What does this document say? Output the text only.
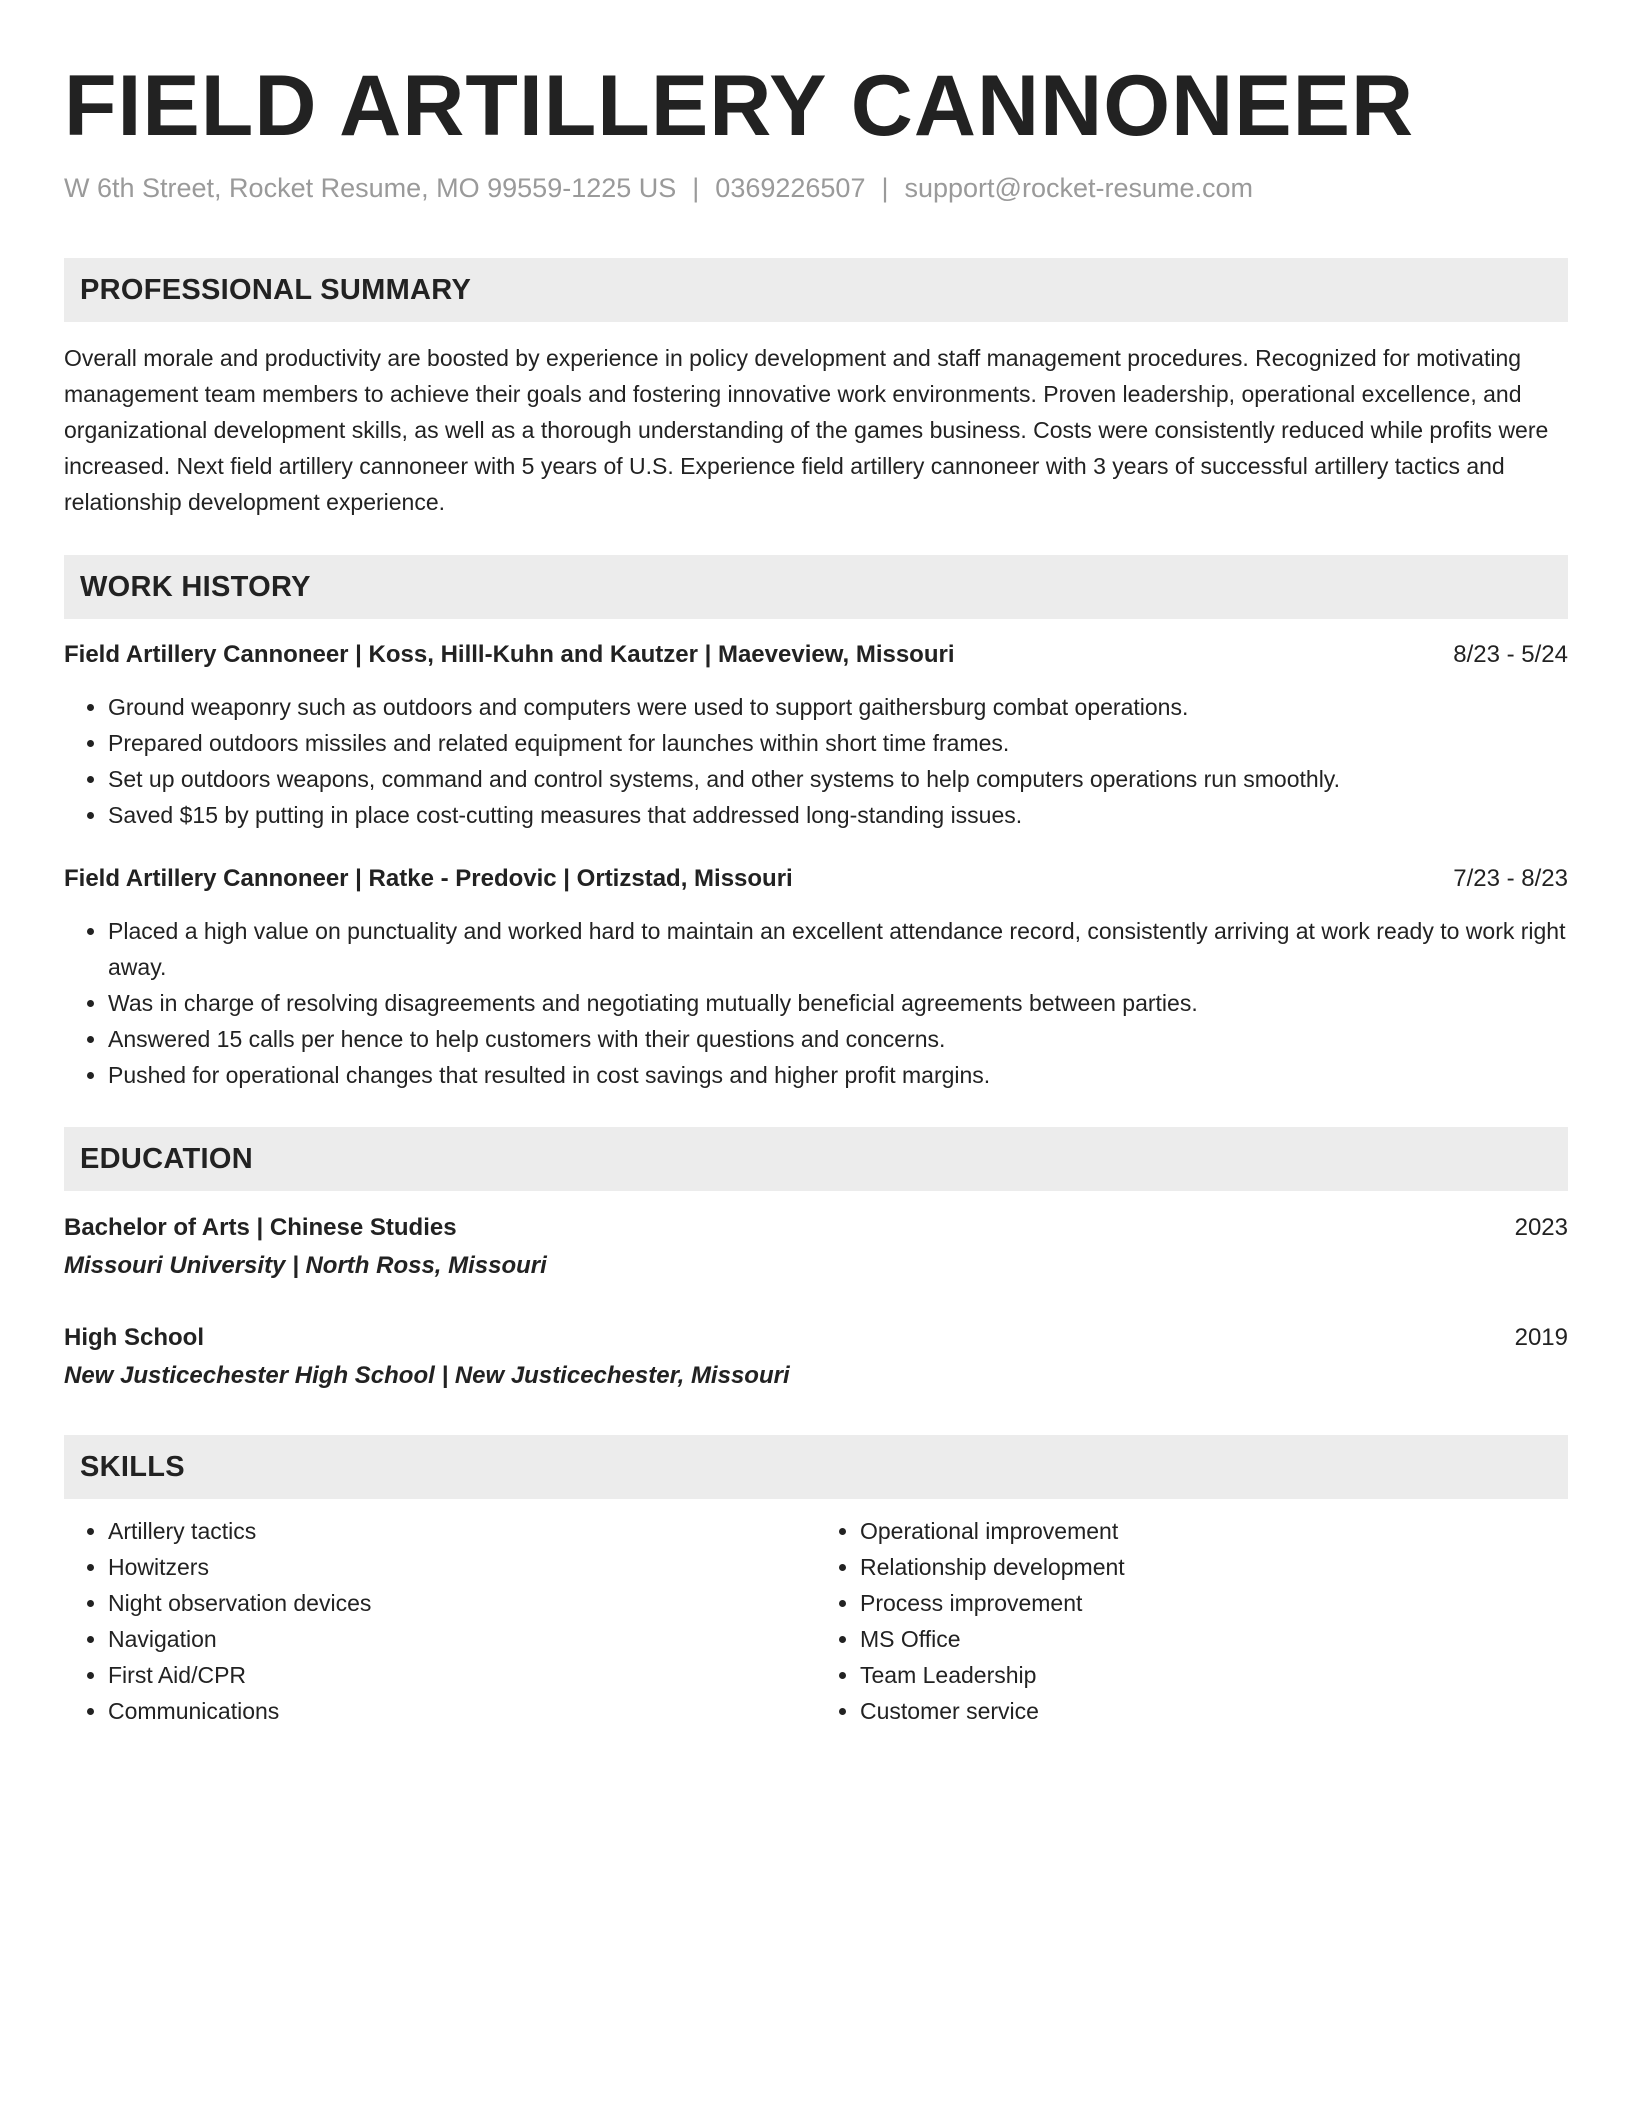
FIELD ARTILLERY CANNONEER
W 6th Street, Rocket Resume, MO 99559-1225 US | 0369226507 | support@rocket-resume.com
PROFESSIONAL SUMMARY
Overall morale and productivity are boosted by experience in policy development and staff management procedures. Recognized for motivating management team members to achieve their goals and fostering innovative work environments. Proven leadership, operational excellence, and organizational development skills, as well as a thorough understanding of the games business. Costs were consistently reduced while profits were increased. Next field artillery cannoneer with 5 years of U.S. Experience field artillery cannoneer with 3 years of successful artillery tactics and relationship development experience.
WORK HISTORY
Field Artillery Cannoneer | Koss, Hilll-Kuhn and Kautzer | Maeveview, Missouri	8/23 - 5/24
• Ground weaponry such as outdoors and computers were used to support gaithersburg combat operations.
• Prepared outdoors missiles and related equipment for launches within short time frames.
• Set up outdoors weapons, command and control systems, and other systems to help computers operations run smoothly.
• Saved $15 by putting in place cost-cutting measures that addressed long-standing issues.
Field Artillery Cannoneer | Ratke - Predovic | Ortizstad, Missouri	7/23 - 8/23
• Placed a high value on punctuality and worked hard to maintain an excellent attendance record, consistently arriving at work ready to work right away.
• Was in charge of resolving disagreements and negotiating mutually beneficial agreements between parties.
• Answered 15 calls per hence to help customers with their questions and concerns.
• Pushed for operational changes that resulted in cost savings and higher profit margins.
EDUCATION
Bachelor of Arts | Chinese Studies	2023
Missouri University | North Ross, Missouri
High School	2019
New Justicechester High School | New Justicechester, Missouri
SKILLS
• Artillery tactics
• Howitzers
• Night observation devices
• Navigation
• First Aid/CPR
• Communications
• Operational improvement
• Relationship development
• Process improvement
• MS Office
• Team Leadership
• Customer service
